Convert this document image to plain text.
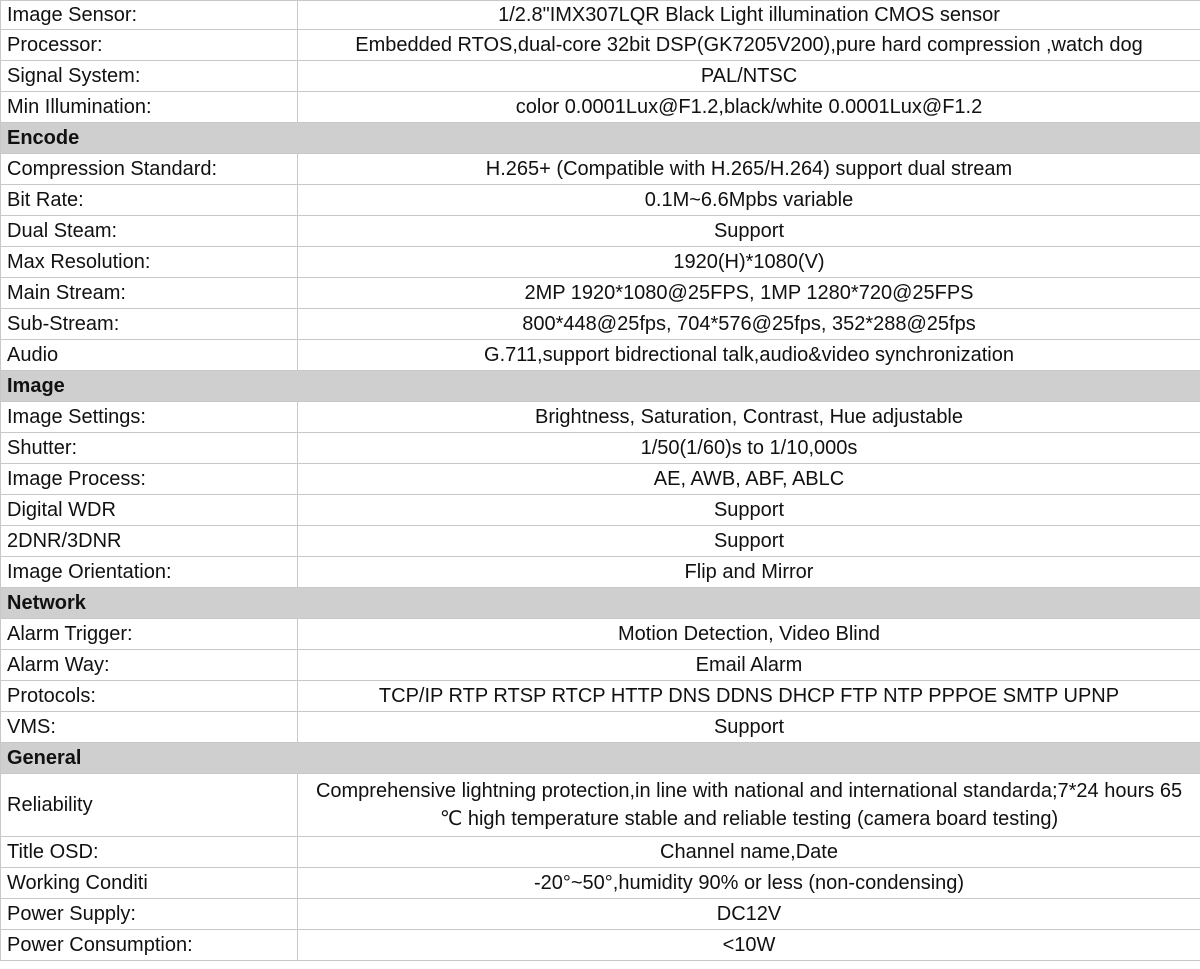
Image Sensor:	1/2.8"IMX307LQR Black Light illumination CMOS sensor
Processor:	Embedded RTOS,dual-core 32bit DSP(GK7205V200),pure hard compression ,watch dog
Signal System:	PAL/NTSC
Min Illumination:	color 0.0001Lux@F1.2,black/white 0.0001Lux@F1.2
Encode	
Compression Standard:	H.265+ (Compatible with H.265/H.264) support dual stream
Bit Rate:	0.1M~6.6Mpbs variable
Dual Steam:	Support
Max Resolution:	1920(H)*1080(V)
Main Stream:	2MP 1920*1080@25FPS, 1MP 1280*720@25FPS
Sub-Stream:	800*448@25fps, 704*576@25fps, 352*288@25fps
Audio	G.711,support bidrectional talk,audio&video synchronization
Image	
Image Settings:	Brightness, Saturation, Contrast, Hue adjustable
Shutter:	1/50(1/60)s to 1/10,000s
Image Process:	AE, AWB, ABF, ABLC
Digital WDR	Support
2DNR/3DNR	Support
Image Orientation:	Flip and Mirror
Network	
Alarm Trigger:	Motion Detection, Video Blind
Alarm Way:	Email Alarm
Protocols:	TCP/IP RTP RTSP RTCP HTTP DNS DDNS DHCP FTP NTP PPPOE SMTP UPNP
VMS:	Support
General	
Reliability	Comprehensive lightning protection,in line with national and international standarda;7*24 hours 65 ℃ high temperature stable and reliable testing (camera board testing)
Title OSD:	Channel name,Date
Working Conditi	-20°~50°,humidity 90% or less (non-condensing)
Power Supply:	DC12V
Power Consumption:	<10W
